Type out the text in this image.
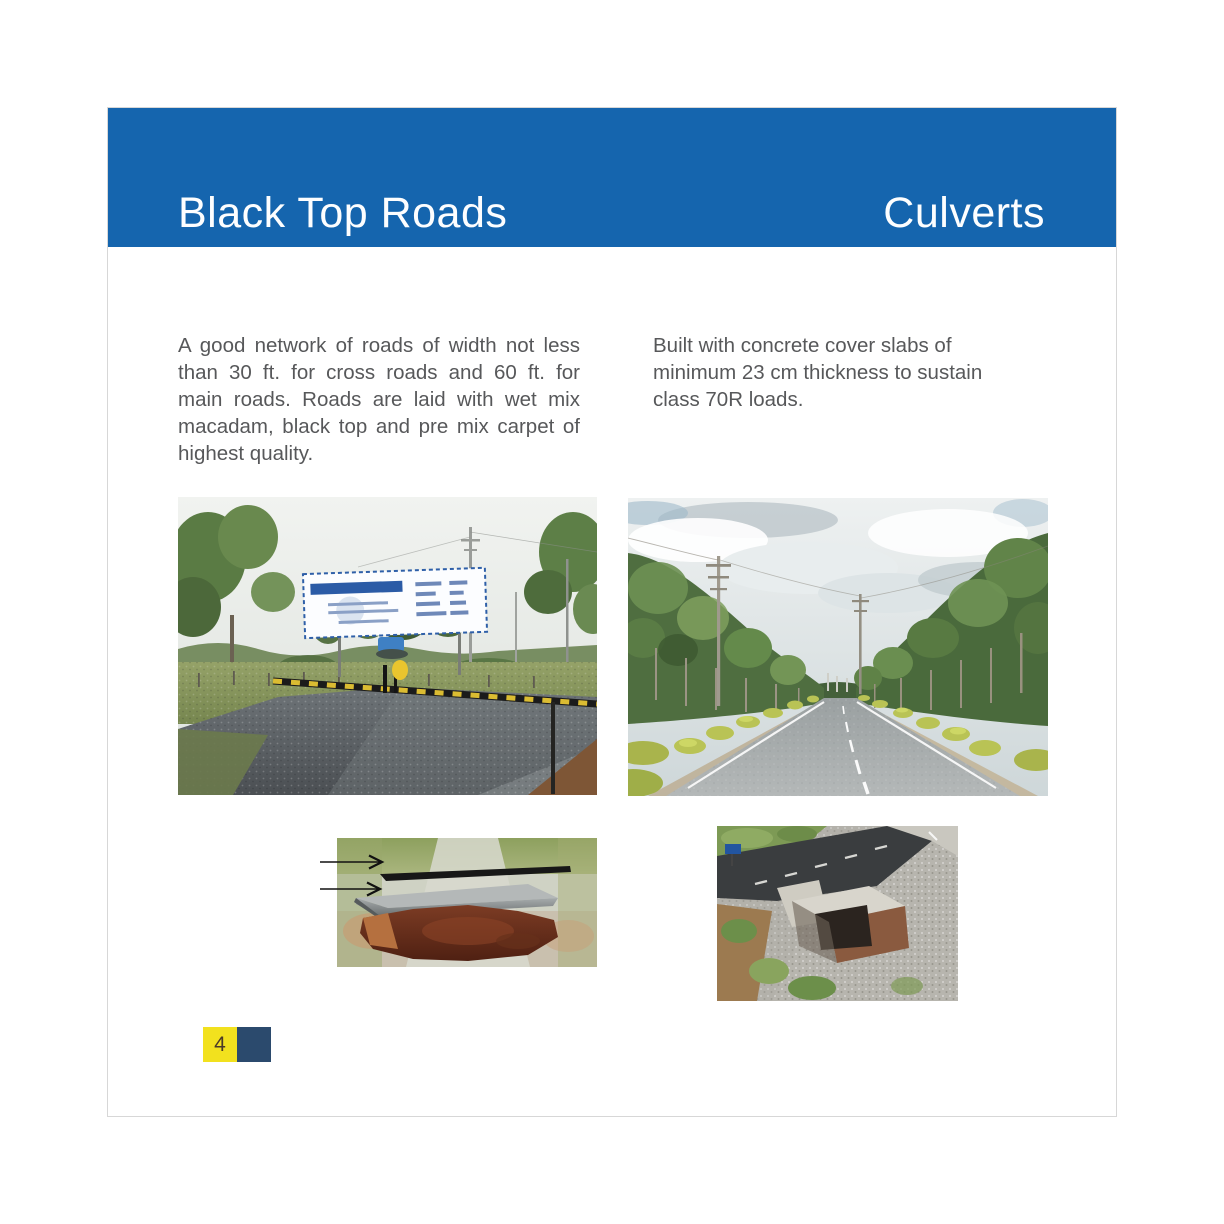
Black Top Roads	Culverts

A good network of roads of width not less than 30 ft. for cross roads and 60 ft. for main roads. Roads are laid with wet mix macadam, black top and pre mix carpet of highest quality.

Built with concrete cover slabs of minimum 23 cm thickness to sustain class 70R loads.

4
